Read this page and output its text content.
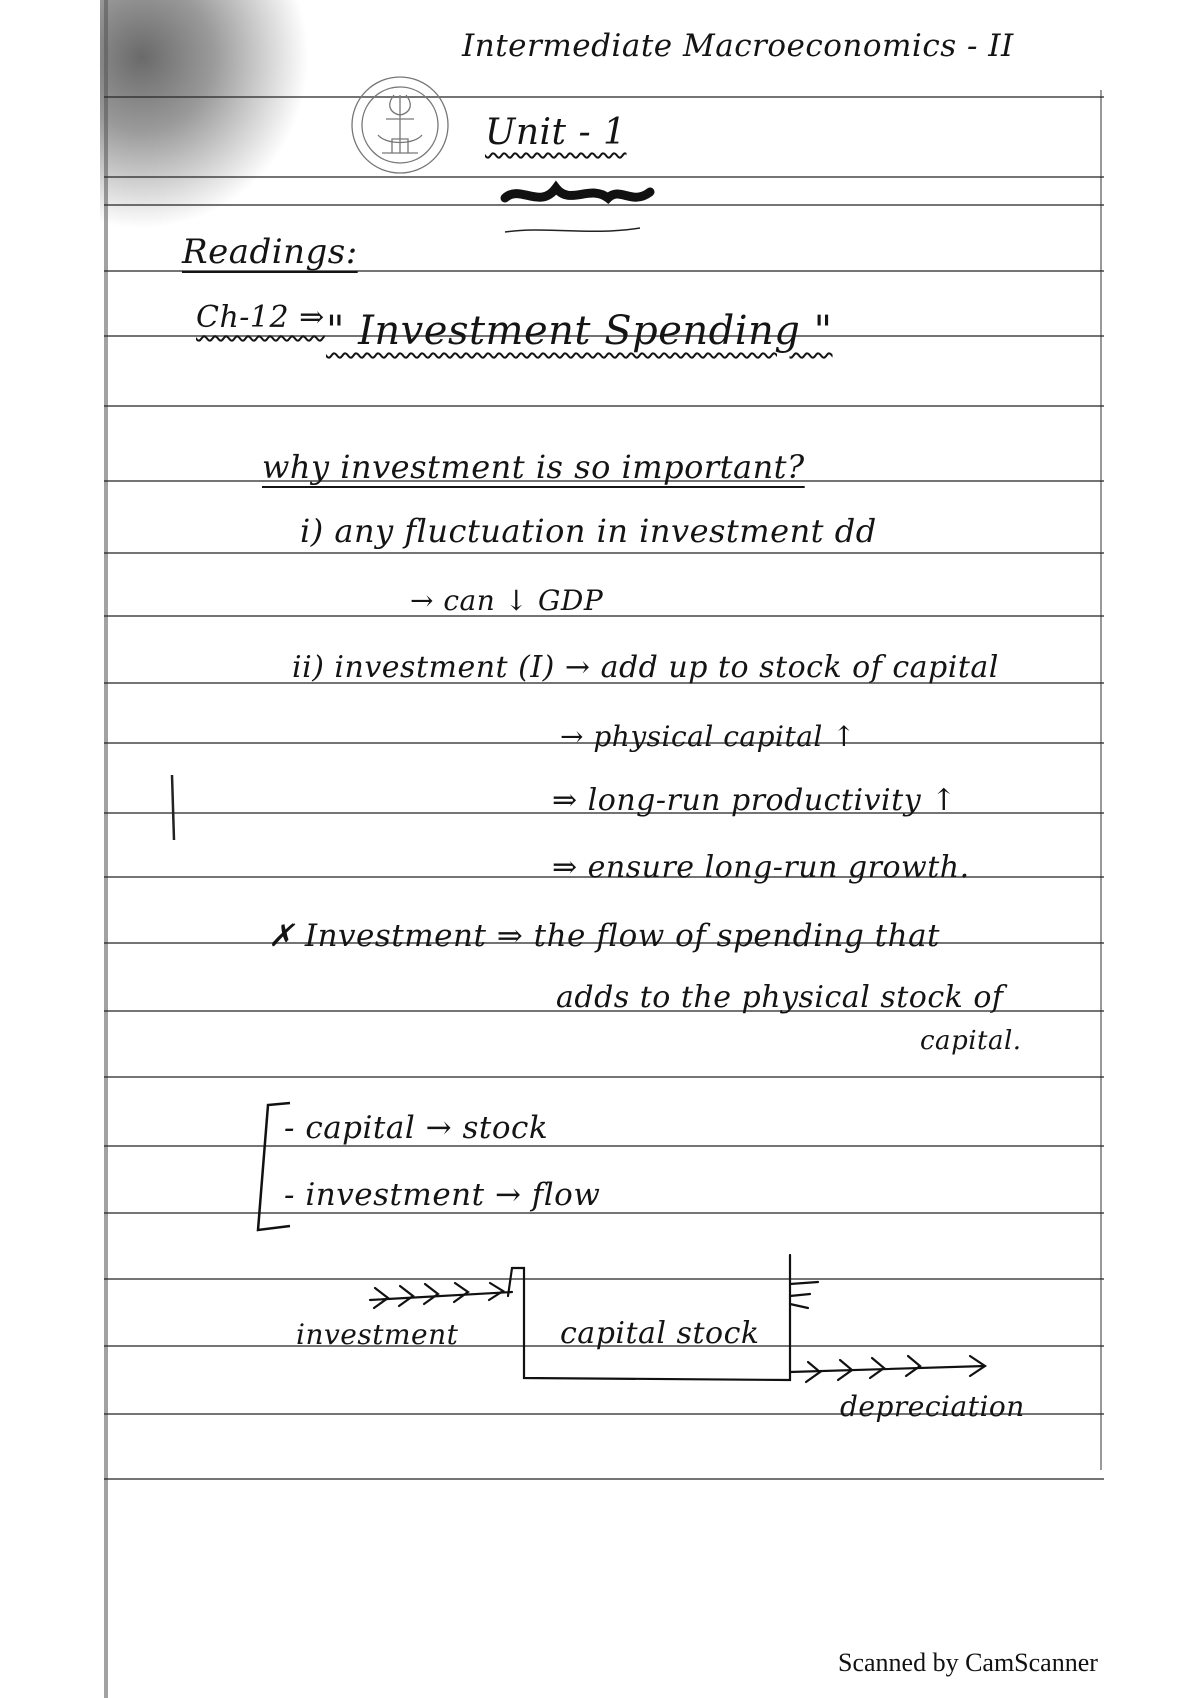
Intermediate Macroeconomics - II
Unit - 1
Readings:
Ch-12 ⇒ " Investment Spending "
why investment is so important?
i) any fluctuation in investment dd
→ can ↓ GDP
ii) investment (I) → add up to stock of capital
→ physical capital ↑
⇒ long-run productivity ↑
⇒ ensure long-run growth.
✗ Investment ⇒ the flow of spending that
adds to the physical stock of
capital.
- capital → stock
- investment → flow
investment	capital stock
depreciation
Scanned by CamScanner
